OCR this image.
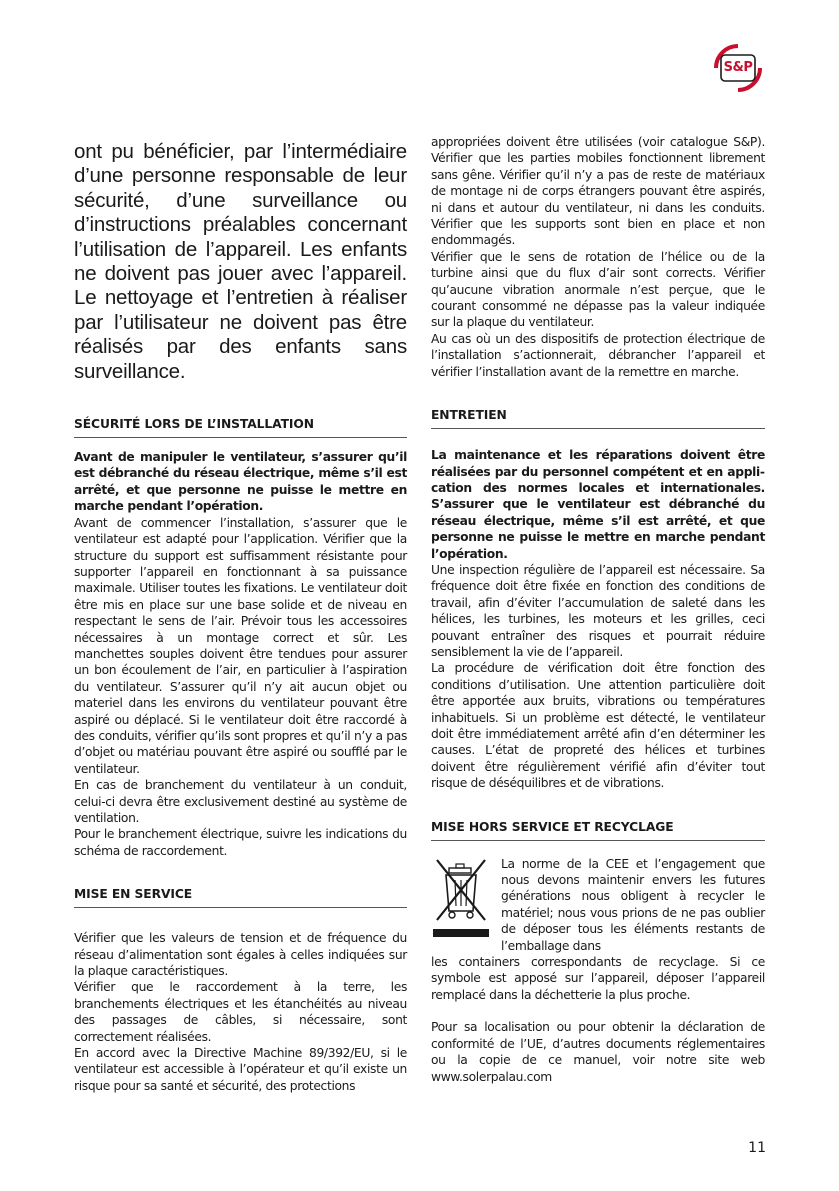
S&P

ont pu bénéficier, par l’intermédiaire d’une personne responsable de leur sécurité, d’une surveillance ou d’instructions préalables concernant l’utilisation de l’appareil. Les enfants ne doivent pas jouer avec l’appareil. Le nettoyage et l’entretien à réaliser par l’utilisateur ne doivent pas être réalisés par des enfants sans surveillance.

SÉCURITÉ LORS DE L’INSTALLATION

Avant de manipuler le ventilateur, s’assurer qu’il est débranché du réseau électrique, même s’il est arrêté, et que personne ne puisse le mettre en marche pendant l’opération.

Avant de commencer l’installation, s’assurer que le ventilateur est adapté pour l’application. Vérifier que la structure du support est suffisamment résistante pour supporter l’appareil en fonctionnant à sa puissance maximale. Utiliser toutes les fixations. Le ventilateur doit être mis en place sur une base solide et de niveau en respectant le sens de l’air. Prévoir tous les accessoires nécessaires à un montage correct et sûr. Les manchettes souples doivent être tendues pour assurer un bon écoulement de l’air, en particulier à l’aspiration du ventilateur. S’assurer qu’il n’y ait aucun objet ou materiel dans les environs du ventilateur pouvant être aspiré ou déplacé. Si le ventilateur doit être raccordé à des conduits, vérifier qu’ils sont propres et qu’il n’y a pas d’objet ou matériau pouvant être aspiré ou soufflé par le ventilateur.

En cas de branchement du ventilateur à un conduit, celui-ci devra être exclusivement destiné au système de ventilation.

Pour le branchement électrique, suivre les indications du schéma de raccordement.

MISE EN SERVICE

Vérifier que les valeurs de tension et de fréquence du réseau d’alimentation sont égales à celles indiquées sur la plaque caractéristiques.

Vérifier que le raccordement à la terre, les branchements électriques et les étanchéités au niveau des passages de câbles, si nécessaire, sont correctement réalisées.

En accord avec la Directive Machine 89/392/EU, si le ventilateur est accessible à l’opérateur et qu’il existe un risque pour sa santé et sécurité, des protections

appropriées doivent être utilisées (voir catalogue S&P). Vérifier que les parties mobiles fonctionnent librement sans gêne. Vérifier qu’il n’y a pas de reste de matériaux de montage ni de corps étrangers pouvant être aspirés, ni dans et autour du ventilateur, ni dans les conduits. Vérifier que les supports sont bien en place et non endommagés.

Vérifier que le sens de rotation de l’hélice ou de la turbine ainsi que du flux d’air sont corrects. Vérifier qu’aucune vibration anormale n’est perçue, que le courant consommé ne dépasse pas la valeur indiquée sur la plaque du ventilateur.

Au cas où un des dispositifs de protection électrique de l’installation s’actionnerait, débrancher l’appareil et vérifier l’installation avant de la remettre en marche.

ENTRETIEN

La maintenance et les réparations doivent être réalisées par du personnel compétent et en application des normes locales et internationales. S’assurer que le ventilateur est débranché du réseau électrique, même s’il est arrêté, et que personne ne puisse le mettre en marche pendant l’opération.

Une inspection régulière de l’appareil est nécessaire. Sa fréquence doit être fixée en fonction des conditions de travail, afin d’éviter l’accumulation de saleté dans les hélices, les turbines, les moteurs et les grilles, ceci pouvant entraîner des risques et pourrait réduire sensiblement la vie de l’appareil.

La procédure de vérification doit être fonction des conditions d’utilisation. Une attention particulière doit être apportée aux bruits, vibrations ou températures inhabituels. Si un problème est détecté, le ventilateur doit être immédiatement arrêté afin d’en déterminer les causes. L’état de propreté des hélices et turbines doivent être régulièrement vérifié afin d’éviter tout risque de déséquilibres et de vibrations.

MISE HORS SERVICE ET RECYCLAGE

La norme de la CEE et l’engagement que nous devons maintenir envers les futures générations nous obligent à recycler le matériel; nous vous prions de ne pas oublier de déposer tous les éléments restants de l’emballage dans

les containers correspondants de recyclage. Si ce symbole est apposé sur l’appareil, déposer l’appareil remplacé dans la déchetterie la plus proche.

Pour sa localisation ou pour obtenir la déclaration de conformité de l’UE, d’autres documents réglementaires ou la copie de ce manuel, voir notre site web www.solerpalau.com

11
